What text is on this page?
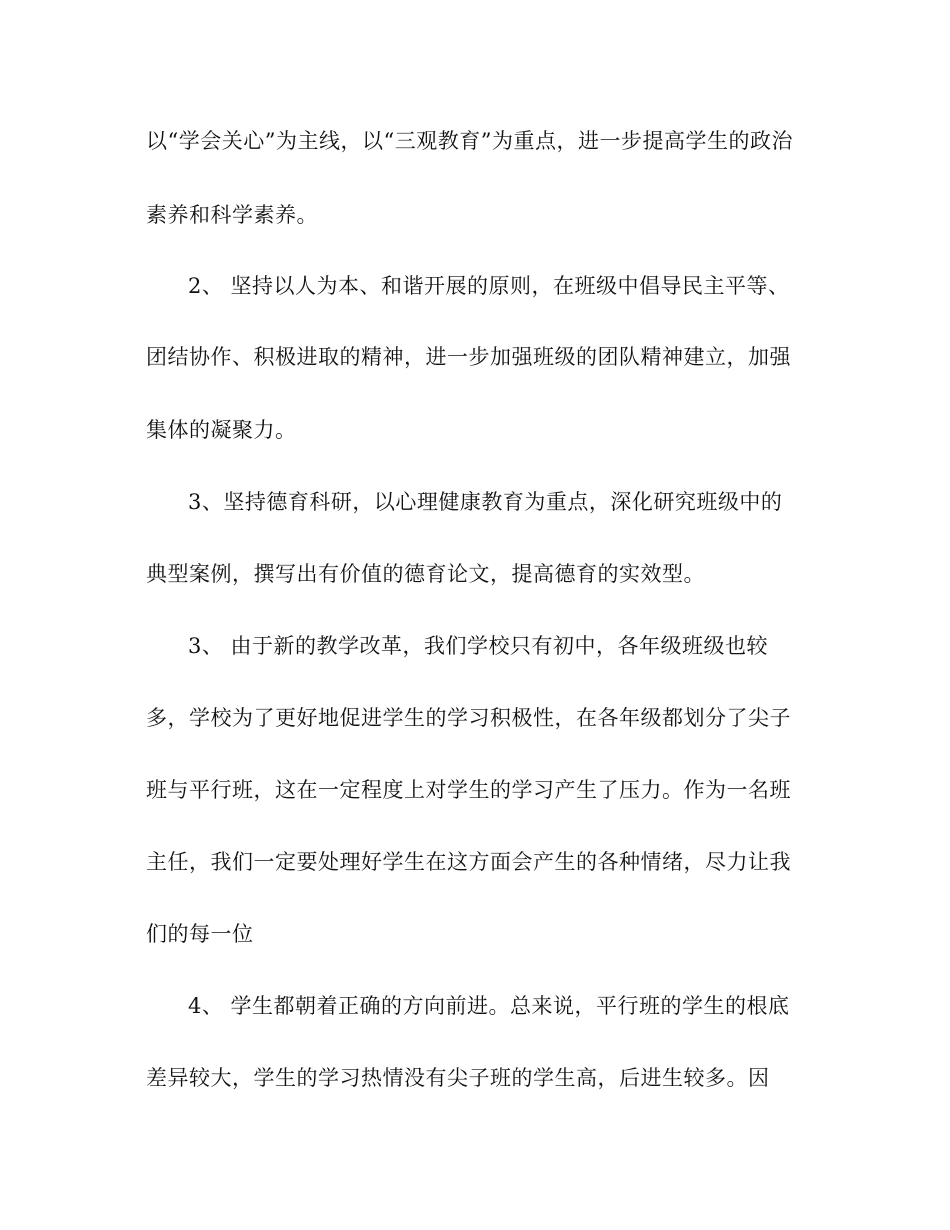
以“学会关心”为主线，以“三观教育”为重点，进一步提高学生的政治
素养和科学素养。
2、 坚持以人为本、和谐开展的原则，在班级中倡导民主平等、
团结协作、积极进取的精神，进一步加强班级的团队精神建立，加强
集体的凝聚力。
3、坚持德育科研，以心理健康教育为重点，深化研究班级中的
典型案例，撰写出有价值的德育论文，提高德育的实效型。
3、 由于新的教学改革，我们学校只有初中，各年级班级也较
多，学校为了更好地促进学生的学习积极性，在各年级都划分了尖子
班与平行班，这在一定程度上对学生的学习产生了压力。作为一名班
主任，我们一定要处理好学生在这方面会产生的各种情绪，尽力让我
们的每一位
4、 学生都朝着正确的方向前进。总来说，平行班的学生的根底
差异较大，学生的学习热情没有尖子班的学生高，后进生较多。因
